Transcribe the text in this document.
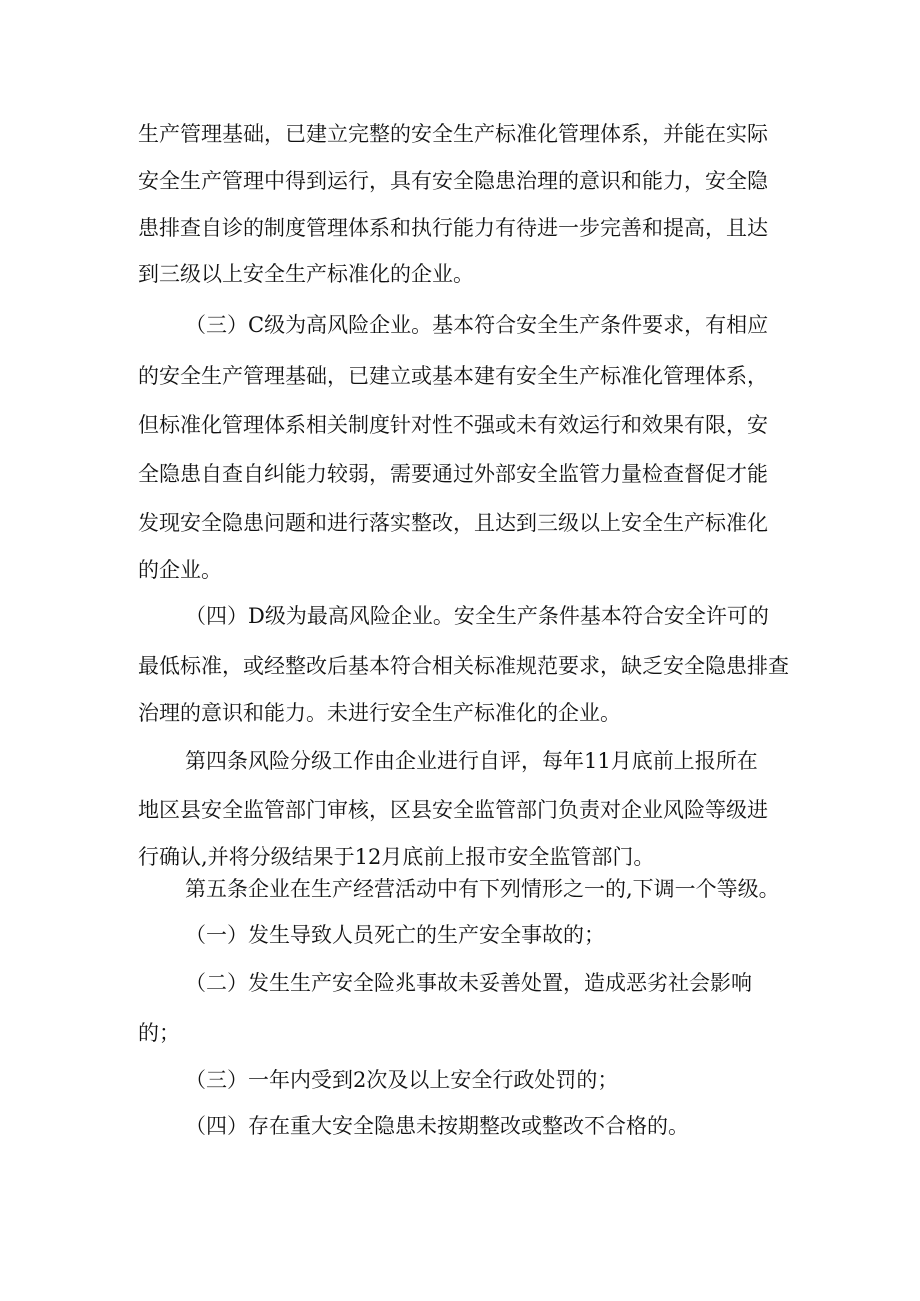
生产管理基础，已建立完整的安全生产标准化管理体系，并能在实际
安全生产管理中得到运行，具有安全隐患治理的意识和能力，安全隐
患排查自诊的制度管理体系和执行能力有待进一步完善和提高，且达
到三级以上安全生产标准化的企业。
（三）C级为高风险企业。基本符合安全生产条件要求，有相应
的安全生产管理基础，已建立或基本建有安全生产标准化管理体系，
但标准化管理体系相关制度针对性不强或未有效运行和效果有限，安
全隐患自查自纠能力较弱，需要通过外部安全监管力量检查督促才能
发现安全隐患问题和进行落实整改，且达到三级以上安全生产标准化
的企业。
（四）D级为最高风险企业。安全生产条件基本符合安全许可的
最低标准，或经整改后基本符合相关标准规范要求，缺乏安全隐患排查
治理的意识和能力。未进行安全生产标准化的企业。
第四条风险分级工作由企业进行自评，每年11月底前上报所在
地区县安全监管部门审核，区县安全监管部门负责对企业风险等级进
行确认,并将分级结果于12月底前上报市安全监管部门。
第五条企业在生产经营活动中有下列情形之一的,下调一个等级。
（一）发生导致人员死亡的生产安全事故的；
（二）发生生产安全险兆事故未妥善处置，造成恶劣社会影响
的；
（三）一年内受到2次及以上安全行政处罚的；
（四）存在重大安全隐患未按期整改或整改不合格的。
